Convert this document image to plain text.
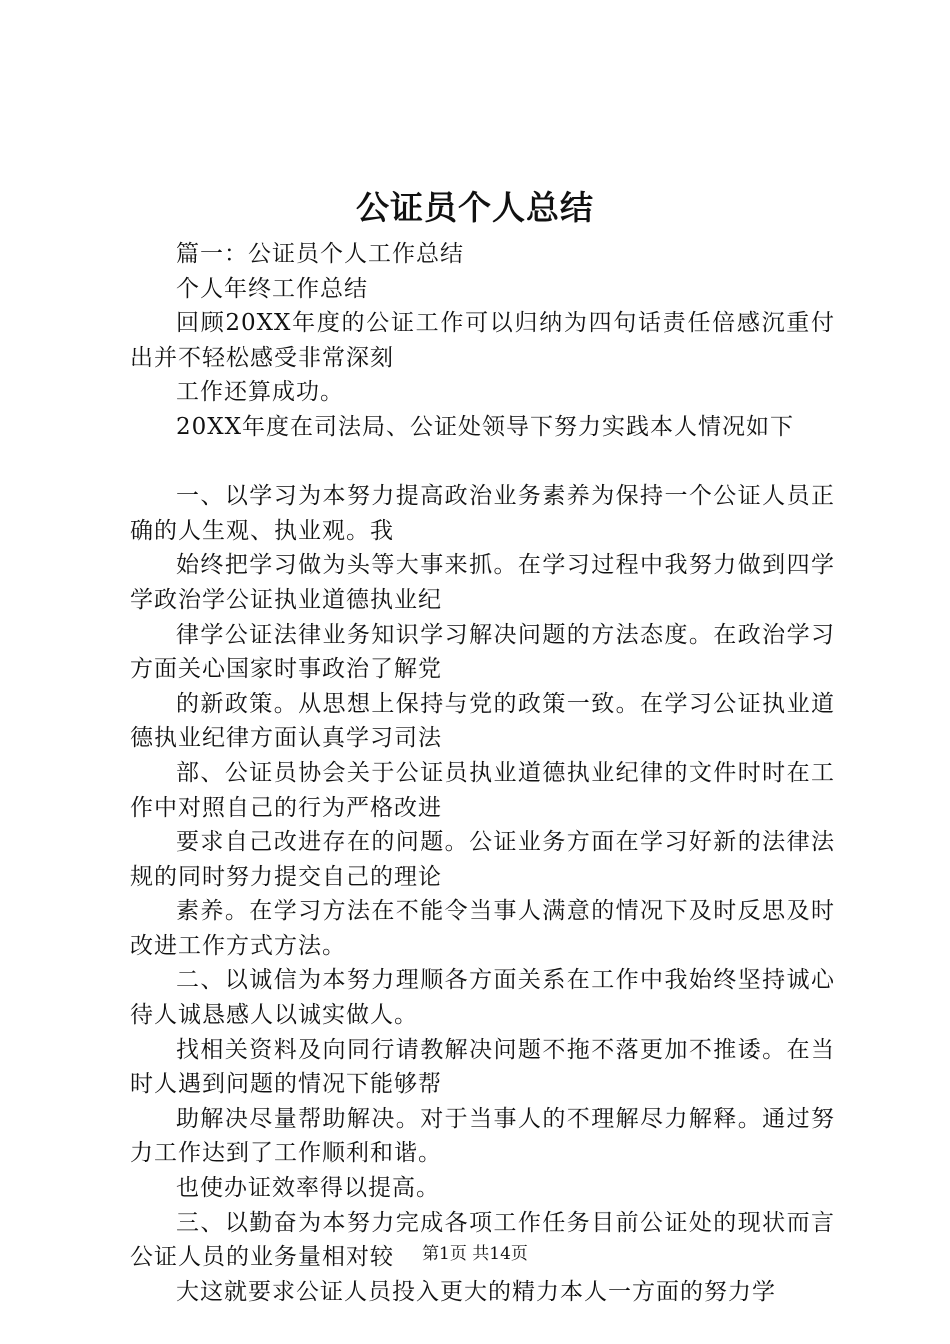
公证员个人总结

篇一：公证员个人工作总结

个人年终工作总结

回顾20XX年度的公证工作可以归纳为四句话责任倍感沉重付出并不轻松感受非常深刻

工作还算成功。

20XX年度在司法局、公证处领导下努力实践本人情况如下

一、以学习为本努力提高政治业务素养为保持一个公证人员正确的人生观、执业观。我

始终把学习做为头等大事来抓。在学习过程中我努力做到四学学政治学公证执业道德执业纪

律学公证法律业务知识学习解决问题的方法态度。在政治学习方面关心国家时事政治了解党

的新政策。从思想上保持与党的政策一致。在学习公证执业道德执业纪律方面认真学习司法

部、公证员协会关于公证员执业道德执业纪律的文件时时在工作中对照自己的行为严格改进

要求自己改进存在的问题。公证业务方面在学习好新的法律法规的同时努力提交自己的理论

素养。在学习方法在不能令当事人满意的情况下及时反思及时改进工作方式方法。

二、以诚信为本努力理顺各方面关系在工作中我始终坚持诚心待人诚恳感人以诚实做人。

找相关资料及向同行请教解决问题不拖不落更加不推诿。在当时人遇到问题的情况下能够帮

助解决尽量帮助解决。对于当事人的不理解尽力解释。通过努力工作达到了工作顺利和谐。

也使办证效率得以提高。

三、以勤奋为本努力完成各项工作任务目前公证处的现状而言公证人员的业务量相对较

大这就要求公证人员投入更大的精力本人一方面的努力学

第1页 共14页
